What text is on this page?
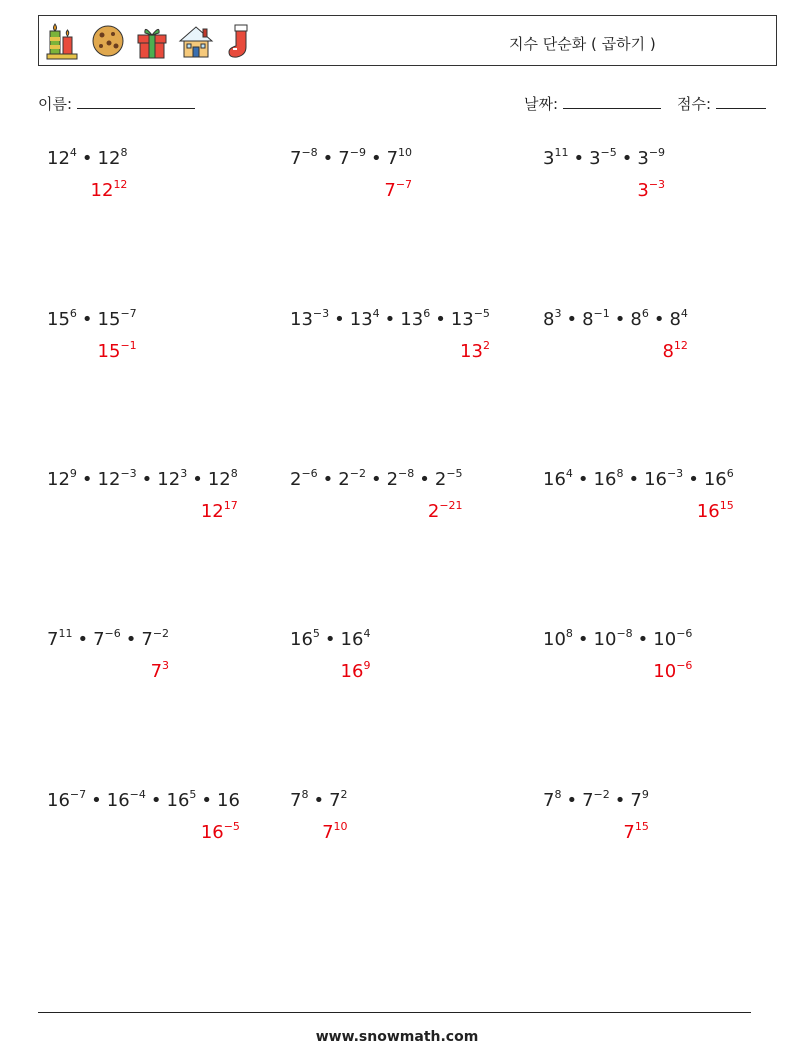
지수 단순화 ( 곱하기 )
이름:	날짜:	점수:
$12^4$ • $12^8$
$12^{12}$
$7^{-8}$ • $7^{-9}$ • $7^{10}$
$7^{-7}$
$3^{11}$ • $3^{-5}$ • $3^{-9}$
$3^{-3}$
$15^6$ • $15^{-7}$
$15^{-1}$
$13^{-3}$ • $13^4$ • $13^6$ • $13^{-5}$
$13^2$
$8^3$ • $8^{-1}$ • $8^6$ • $8^4$
$8^{12}$
$12^9$ • $12^{-3}$ • $12^3$ • $12^8$
$12^{17}$
$2^{-6}$ • $2^{-2}$ • $2^{-8}$ • $2^{-5}$
$2^{-21}$
$16^4$ • $16^8$ • $16^{-3}$ • $16^6$
$16^{15}$
$7^{11}$ • $7^{-6}$ • $7^{-2}$
$7^3$
$16^5$ • $16^4$
$16^9$
$10^8$ • $10^{-8}$ • $10^{-6}$
$10^{-6}$
$16^{-7}$ • $16^{-4}$ • $16^5$ • 16
$16^{-5}$
$7^8$ • $7^2$
$7^{10}$
$7^8$ • $7^{-2}$ • $7^9$
$7^{15}$
www.snowmath.com
